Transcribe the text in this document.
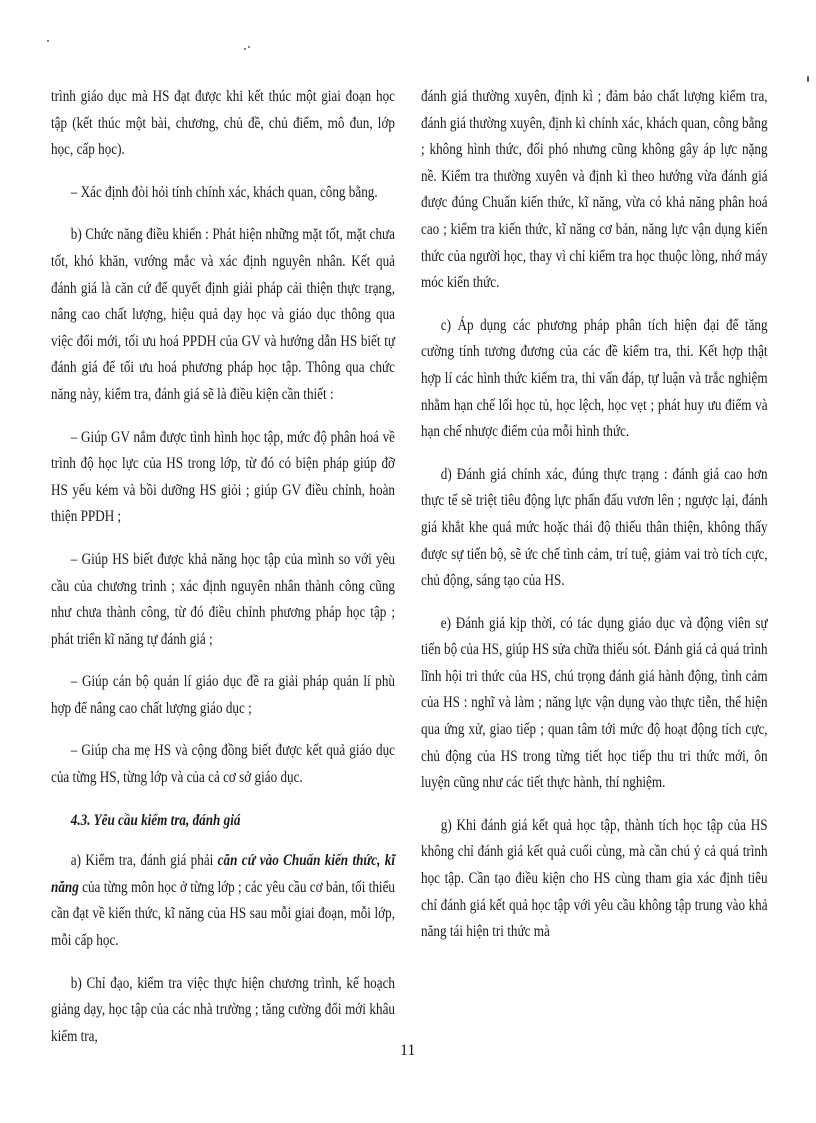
trình giáo dục mà HS đạt được khi kết thúc một giai đoạn học tập (kết thúc một bài, chương, chủ đề, chủ điểm, mô đun, lớp học, cấp học).

– Xác định đòi hỏi tính chính xác, khách quan, công bằng.

b) Chức năng điều khiển : Phát hiện những mặt tốt, mặt chưa tốt, khó khăn, vướng mắc và xác định nguyên nhân. Kết quả đánh giá là căn cứ để quyết định giải pháp cải thiện thực trạng, nâng cao chất lượng, hiệu quả dạy học và giáo dục thông qua việc đổi mới, tối ưu hoá PPDH của GV và hướng dẫn HS biết tự đánh giá để tối ưu hoá phương pháp học tập. Thông qua chức năng này, kiểm tra, đánh giá sẽ là điều kiện cần thiết :

– Giúp GV nắm được tình hình học tập, mức độ phân hoá về trình độ học lực của HS trong lớp, từ đó có biện pháp giúp đỡ HS yếu kém và bồi dưỡng HS giỏi ; giúp GV điều chỉnh, hoàn thiện PPDH ;

– Giúp HS biết được khả năng học tập của mình so với yêu cầu của chương trình ; xác định nguyên nhân thành công cũng như chưa thành công, từ đó điều chỉnh phương pháp học tập ; phát triển kĩ năng tự đánh giá ;

– Giúp cán bộ quản lí giáo dục đề ra giải pháp quản lí phù hợp để nâng cao chất lượng giáo dục ;

– Giúp cha mẹ HS và cộng đồng biết được kết quả giáo dục của từng HS, từng lớp và của cả cơ sở giáo dục.

4.3. Yêu cầu kiểm tra, đánh giá

a) Kiểm tra, đánh giá phải căn cứ vào Chuẩn kiến thức, kĩ năng của từng môn học ở từng lớp ; các yêu cầu cơ bản, tối thiểu cần đạt về kiến thức, kĩ năng của HS sau mỗi giai đoạn, mỗi lớp, mỗi cấp học.

b) Chỉ đạo, kiểm tra việc thực hiện chương trình, kế hoạch giảng dạy, học tập của các nhà trường ; tăng cường đổi mới khâu kiểm tra,

đánh giá thường xuyên, định kì ; đảm bảo chất lượng kiểm tra, đánh giá thường xuyên, định kì chính xác, khách quan, công bằng ; không hình thức, đối phó nhưng cũng không gây áp lực nặng nề. Kiểm tra thường xuyên và định kì theo hướng vừa đánh giá được đúng Chuẩn kiến thức, kĩ năng, vừa có khả năng phân hoá cao ; kiểm tra kiến thức, kĩ năng cơ bản, năng lực vận dụng kiến thức của người học, thay vì chỉ kiểm tra học thuộc lòng, nhớ máy móc kiến thức.

c) Áp dụng các phương pháp phân tích hiện đại để tăng cường tính tương đương của các đề kiểm tra, thi. Kết hợp thật hợp lí các hình thức kiểm tra, thi vấn đáp, tự luận và trắc nghiệm nhằm hạn chế lối học tủ, học lệch, học vẹt ; phát huy ưu điểm và hạn chế nhược điểm của mỗi hình thức.

d) Đánh giá chính xác, đúng thực trạng : đánh giá cao hơn thực tế sẽ triệt tiêu động lực phấn đấu vươn lên ; ngược lại, đánh giá khắt khe quá mức hoặc thái độ thiếu thân thiện, không thấy được sự tiến bộ, sẽ ức chế tình cảm, trí tuệ, giảm vai trò tích cực, chủ động, sáng tạo của HS.

e) Đánh giá kịp thời, có tác dụng giáo dục và động viên sự tiến bộ của HS, giúp HS sửa chữa thiếu sót. Đánh giá cả quá trình lĩnh hội tri thức của HS, chú trọng đánh giá hành động, tình cảm của HS : nghĩ và làm ; năng lực vận dụng vào thực tiễn, thể hiện qua ứng xử, giao tiếp ; quan tâm tới mức độ hoạt động tích cực, chủ động của HS trong từng tiết học tiếp thu tri thức mới, ôn luyện cũng như các tiết thực hành, thí nghiệm.

g) Khi đánh giá kết quả học tập, thành tích học tập của HS không chỉ đánh giá kết quả cuối cùng, mà cần chú ý cả quá trình học tập. Cần tạo điều kiện cho HS cùng tham gia xác định tiêu chí đánh giá kết quả học tập với yêu cầu không tập trung vào khả năng tái hiện tri thức mà

11
